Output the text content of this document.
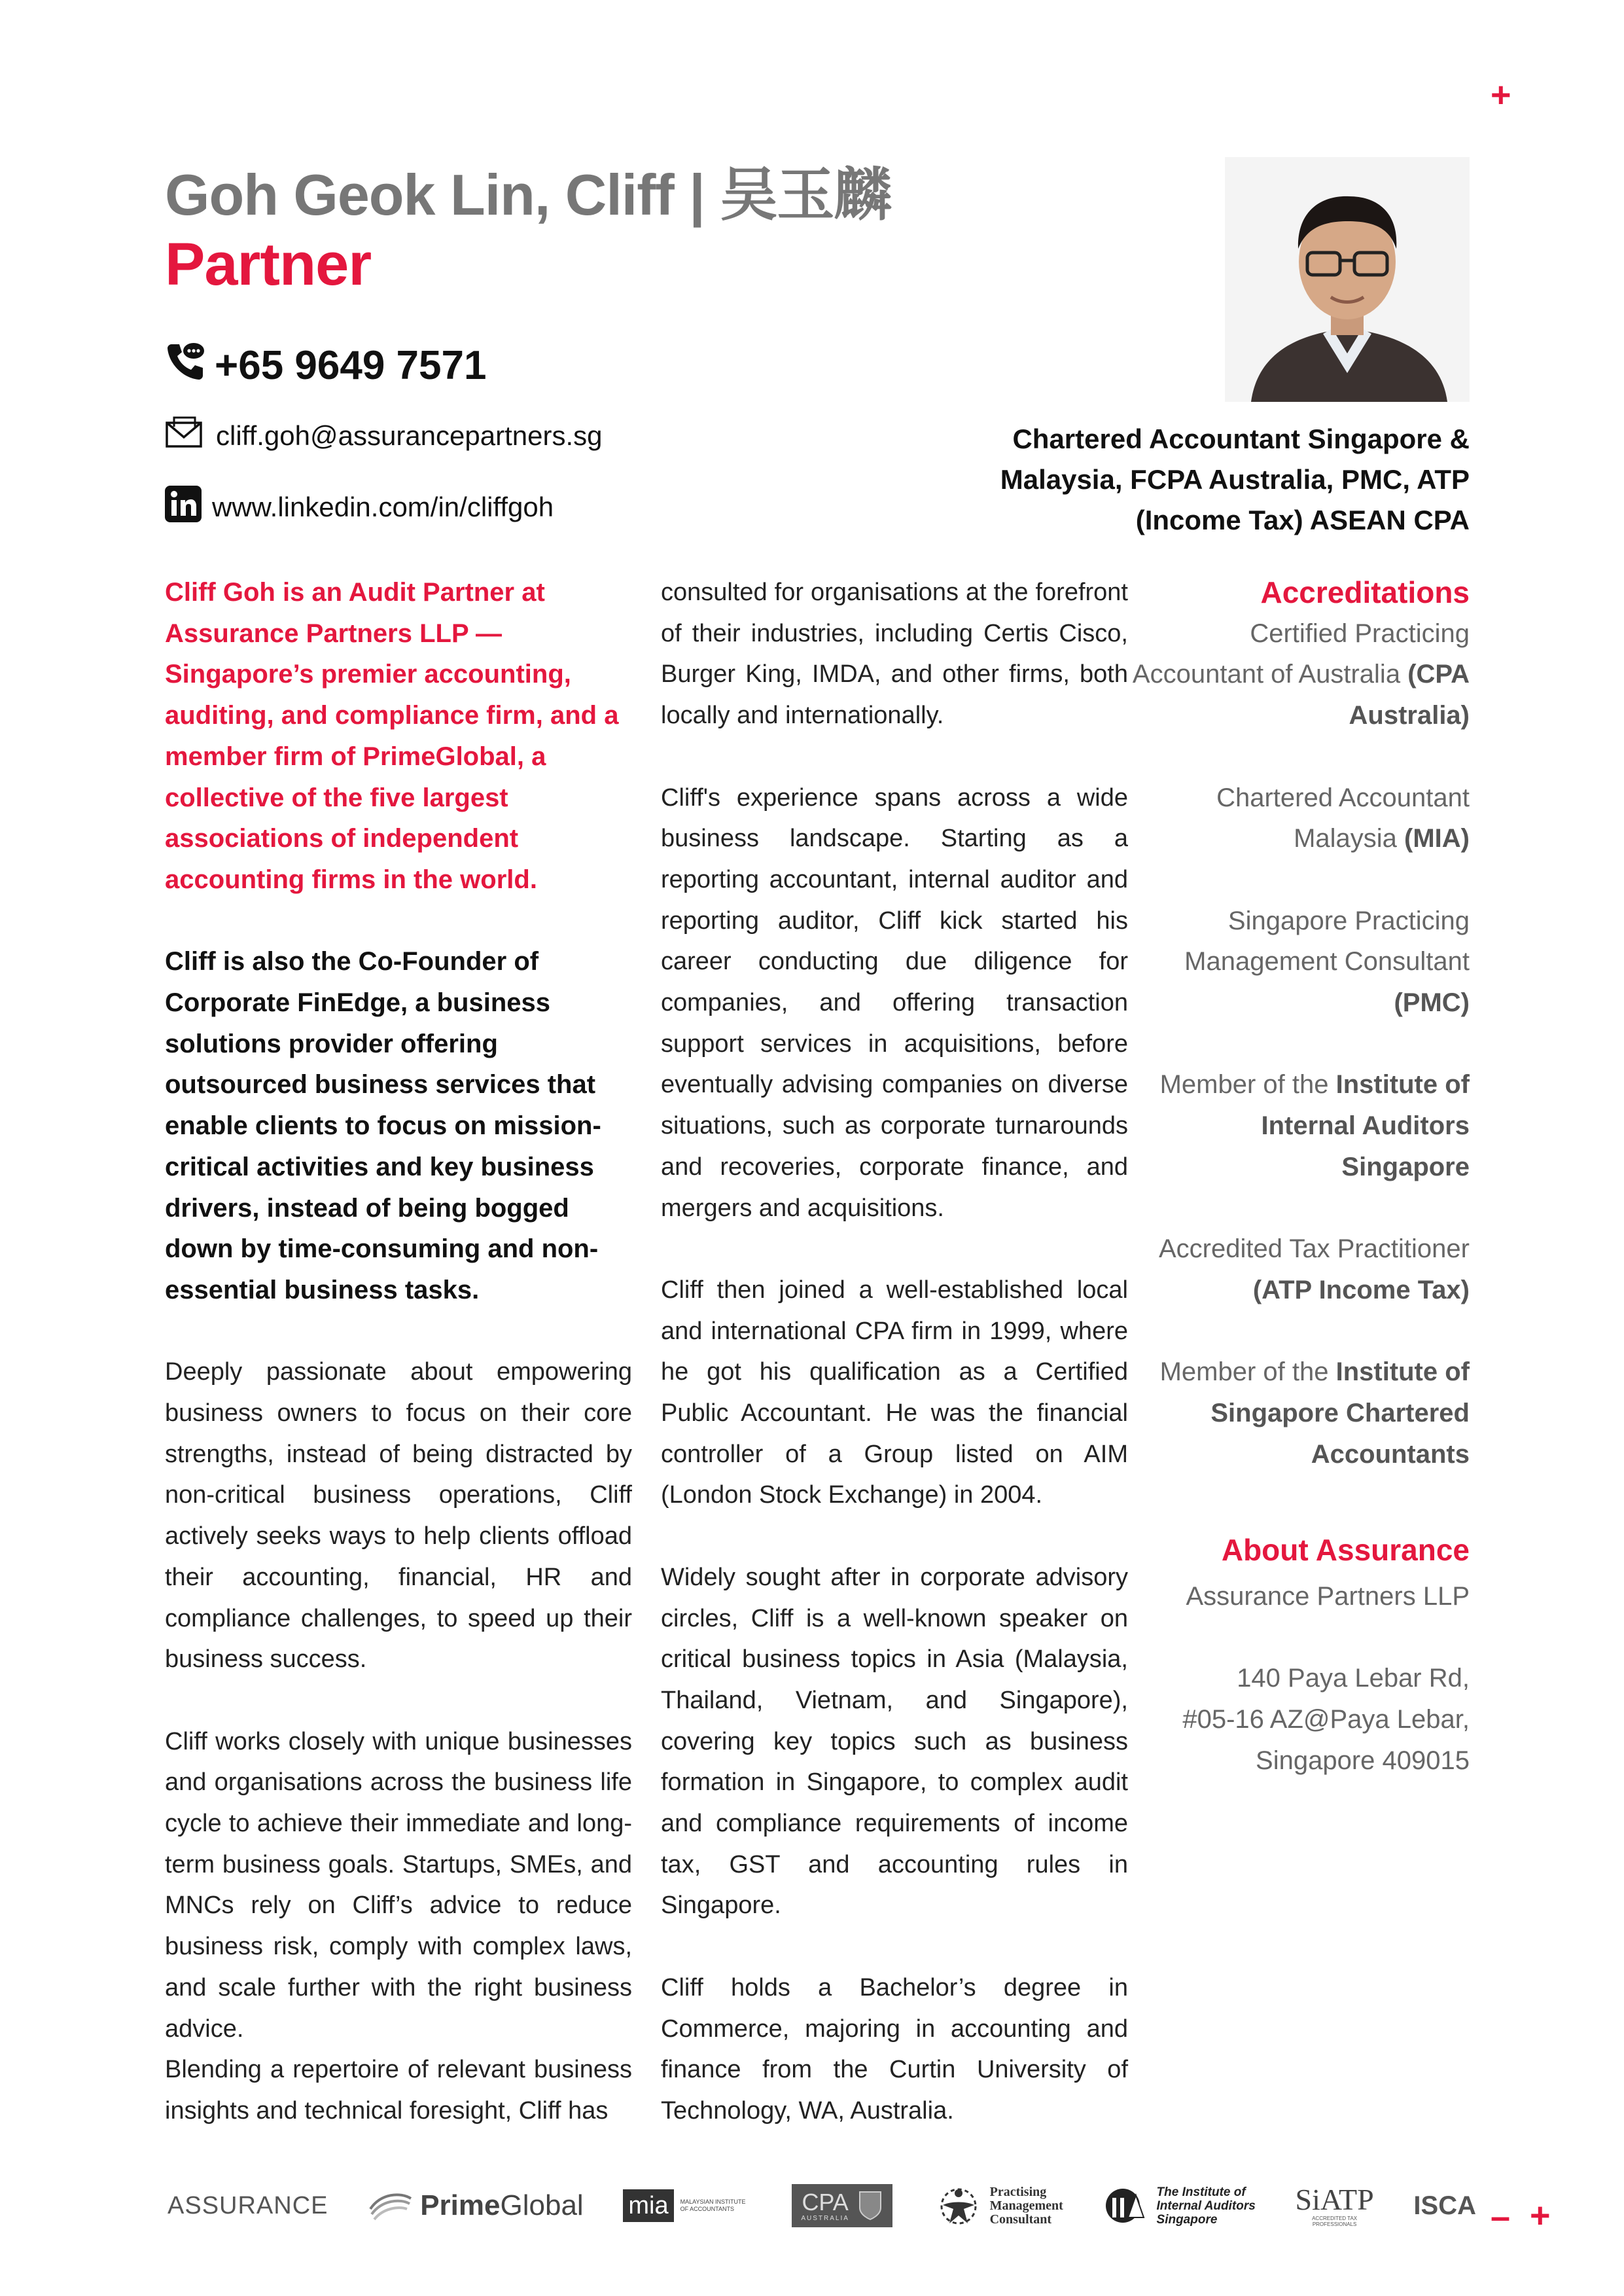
+
– +
Goh Geok Lin, Cliff | 吴玉麟
Partner
+65 9649 7571
cliff.goh@assurancepartners.sg
www.linkedin.com/in/cliffgoh
Chartered Accountant Singapore &
Malaysia, FCPA Australia, PMC, ATP
(Income Tax) ASEAN CPA

Cliff Goh is an Audit Partner at Assurance Partners LLP — Singapore’s premier accounting, auditing, and compliance firm, and a member firm of PrimeGlobal, a collective of the five largest associations of independent accounting firms in the world.

Cliff is also the Co-Founder of Corporate FinEdge, a business solutions provider offering outsourced business services that enable clients to focus on mission-critical activities and key business drivers, instead of being bogged down by time-consuming and non-essential business tasks.

Deeply passionate about empowering business owners to focus on their core strengths, instead of being distracted by non-critical business operations, Cliff actively seeks ways to help clients offload their accounting, financial, HR and compliance challenges, to speed up their business success.

Cliff works closely with unique businesses and organisations across the business life cycle to achieve their immediate and long-term business goals. Startups, SMEs, and MNCs rely on Cliff’s advice to reduce business risk, comply with complex laws, and scale further with the right business advice.

Blending a repertoire of relevant business insights and technical foresight, Cliff has

consulted for organisations at the forefront of their industries, including Certis Cisco, Burger King, IMDA, and other firms, both locally and internationally.

Cliff's experience spans across a wide business landscape. Starting as a reporting accountant, internal auditor and reporting auditor, Cliff kick started his career conducting due diligence for companies, and offering transaction support services in acquisitions, before eventually advising companies on diverse situations, such as corporate turnarounds and recoveries, corporate finance, and mergers and acquisitions.

Cliff then joined a well-established local and international CPA firm in 1999, where he got his qualification as a Certified Public Accountant. He was the financial controller of a Group listed on AIM (London Stock Exchange) in 2004.

Widely sought after in corporate advisory circles, Cliff is a well-known speaker on critical business topics in Asia (Malaysia, Thailand, Vietnam, and Singapore), covering key topics such as business formation in Singapore, to complex audit and compliance requirements of income tax, GST and accounting rules in Singapore.

Cliff holds a Bachelor’s degree in Commerce, majoring in accounting and finance from the Curtin University of Technology, WA, Australia.

Accreditations

Certified Practicing Accountant of Australia (CPA Australia)

Chartered Accountant Malaysia (MIA)

Singapore Practicing Management Consultant (PMC)

Member of the Institute of Internal Auditors Singapore

Accredited Tax Practitioner (ATP Income Tax)

Member of the Institute of Singapore Chartered Accountants

About Assurance

Assurance Partners LLP

140 Paya Lebar Rd,

#05-16 AZ@Paya Lebar,

Singapore 409015

ASSURANCE	Prime Global mia	MALAYSIAN INSTITUTE OF ACCOUNTANTS	CPA
AUSTRALIA
Practising
Management
Consultant
The Institute of
Internal Auditors
Singapore
SiATP
ACCREDITED TAX PROFESSIONALS
ISCA
